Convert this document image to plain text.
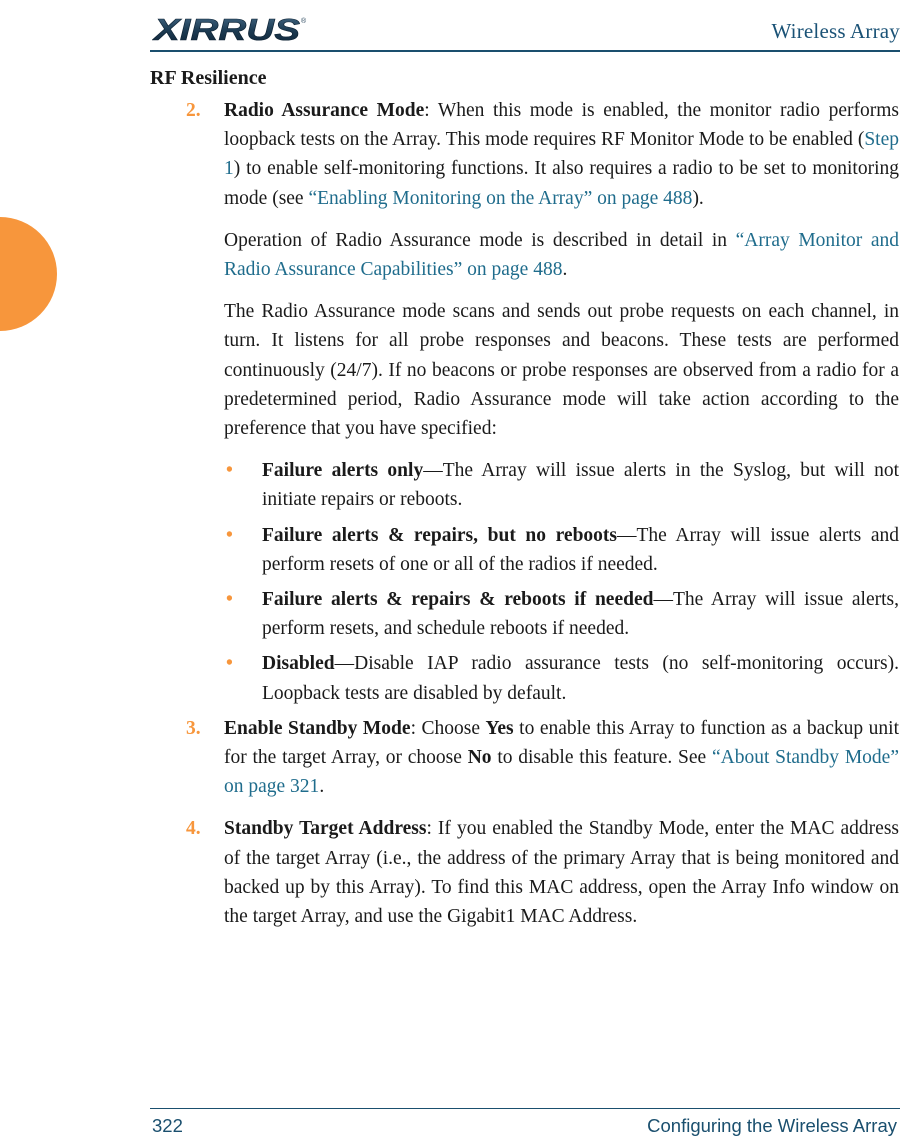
XIRRUS ®	Wireless Array
RF Resilience
2. Radio Assurance Mode: When this mode is enabled, the monitor radio performs loopback tests on the Array. This mode requires RF Monitor Mode to be enabled (Step 1) to enable self-monitoring functions. It also requires a radio to be set to monitoring mode (see “Enabling Monitoring on the Array” on page 488).
Operation of Radio Assurance mode is described in detail in “Array Monitor and Radio Assurance Capabilities” on page 488.
The Radio Assurance mode scans and sends out probe requests on each channel, in turn. It listens for all probe responses and beacons. These tests are performed continuously (24/7). If no beacons or probe responses are observed from a radio for a predetermined period, Radio Assurance mode will take action according to the preference that you have specified:
• Failure alerts only—The Array will issue alerts in the Syslog, but will not initiate repairs or reboots.
• Failure alerts & repairs, but no reboots—The Array will issue alerts and perform resets of one or all of the radios if needed.
• Failure alerts & repairs & reboots if needed—The Array will issue alerts, perform resets, and schedule reboots if needed.
• Disabled—Disable IAP radio assurance tests (no self-monitoring occurs). Loopback tests are disabled by default.
3. Enable Standby Mode: Choose Yes to enable this Array to function as a backup unit for the target Array, or choose No to disable this feature. See “About Standby Mode” on page 321.
4. Standby Target Address: If you enabled the Standby Mode, enter the MAC address of the target Array (i.e., the address of the primary Array that is being monitored and backed up by this Array). To find this MAC address, open the Array Info window on the target Array, and use the Gigabit1 MAC Address.
322	Configuring the Wireless Array
